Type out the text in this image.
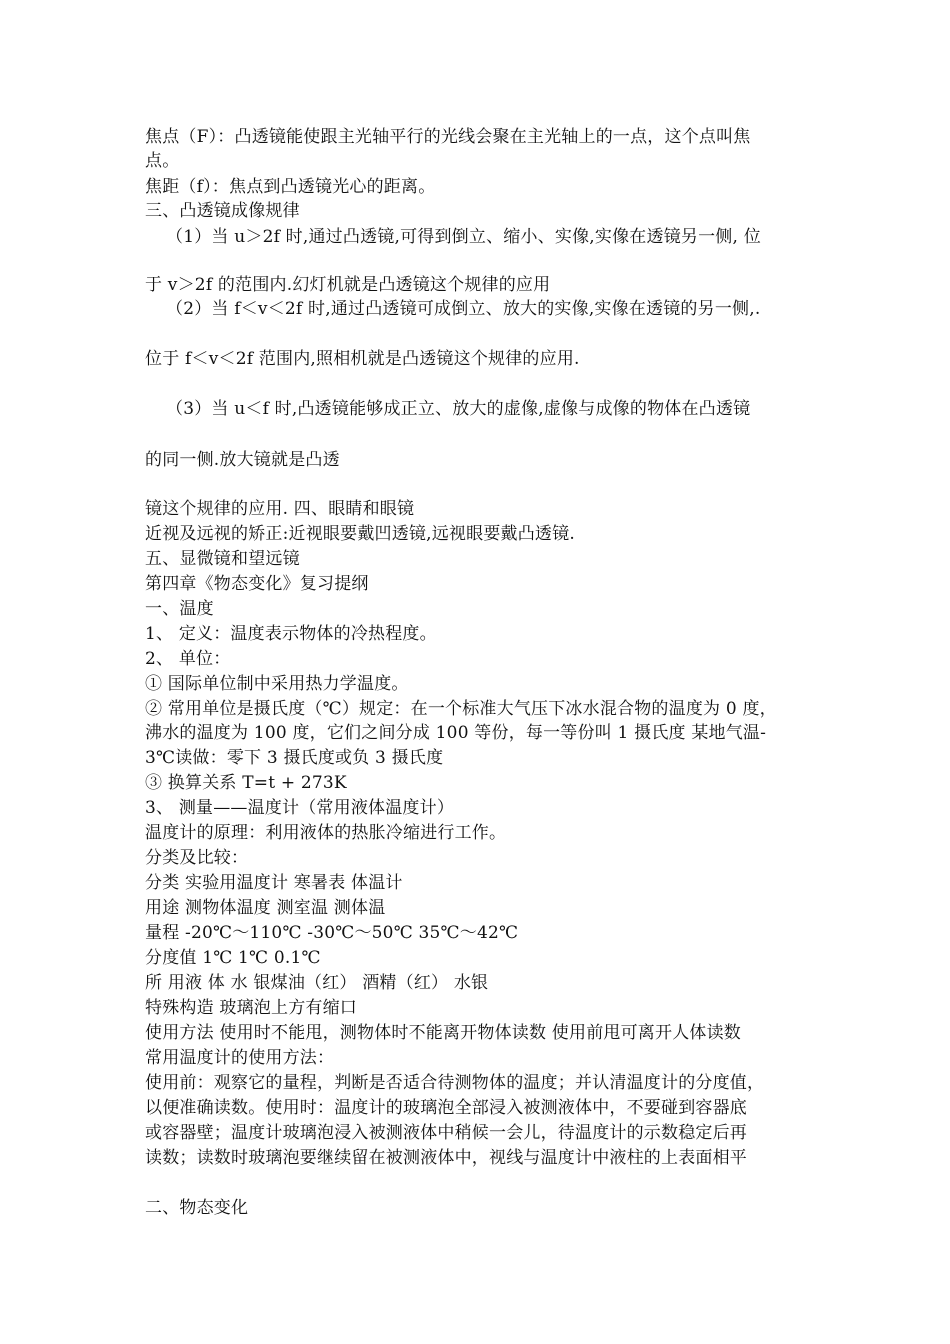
焦点（F）：凸透镜能使跟主光轴平行的光线会聚在主光轴上的一点，这个点叫焦
点。
焦距（f）：焦点到凸透镜光心的距离。
三、凸透镜成像规律
（1）当 u＞2f 时,通过凸透镜,可得到倒立、缩小、实像,实像在透镜另一侧, 位
于 v＞2f 的范围内.幻灯机就是凸透镜这个规律的应用
（2）当 f＜v＜2f 时,通过凸透镜可成倒立、放大的实像,实像在透镜的另一侧,.
位于 f＜v＜2f 范围内,照相机就是凸透镜这个规律的应用.
（3）当 u＜f 时,凸透镜能够成正立、放大的虚像,虚像与成像的物体在凸透镜
的同一侧.放大镜就是凸透
镜这个规律的应用. 四、眼睛和眼镜
近视及远视的矫正:近视眼要戴凹透镜,远视眼要戴凸透镜.
五、显微镜和望远镜
第四章《物态变化》复习提纲
一、温度
1、 定义：温度表示物体的冷热程度。
2、 单位：
① 国际单位制中采用热力学温度。
② 常用单位是摄氏度（℃）规定：在一个标准大气压下冰水混合物的温度为 0 度，
沸水的温度为 100 度，它们之间分成 100 等份，每一等份叫 1 摄氏度 某地气温-
3℃读做：零下 3 摄氏度或负 3 摄氏度
③ 换算关系 T=t + 273K
3、 测量——温度计（常用液体温度计）
温度计的原理：利用液体的热胀冷缩进行工作。
分类及比较：
分类 实验用温度计 寒暑表 体温计
用途 测物体温度 测室温 测体温
量程 -20℃～110℃ -30℃～50℃ 35℃～42℃
分度值 1℃ 1℃ 0.1℃
所 用液 体 水 银煤油（红） 酒精（红） 水银
特殊构造 玻璃泡上方有缩口
使用方法 使用时不能甩，测物体时不能离开物体读数 使用前甩可离开人体读数
常用温度计的使用方法：
使用前：观察它的量程，判断是否适合待测物体的温度；并认清温度计的分度值，
以便准确读数。使用时：温度计的玻璃泡全部浸入被测液体中，不要碰到容器底
或容器壁；温度计玻璃泡浸入被测液体中稍候一会儿，待温度计的示数稳定后再
读数；读数时玻璃泡要继续留在被测液体中，视线与温度计中液柱的上表面相平
二、物态变化
